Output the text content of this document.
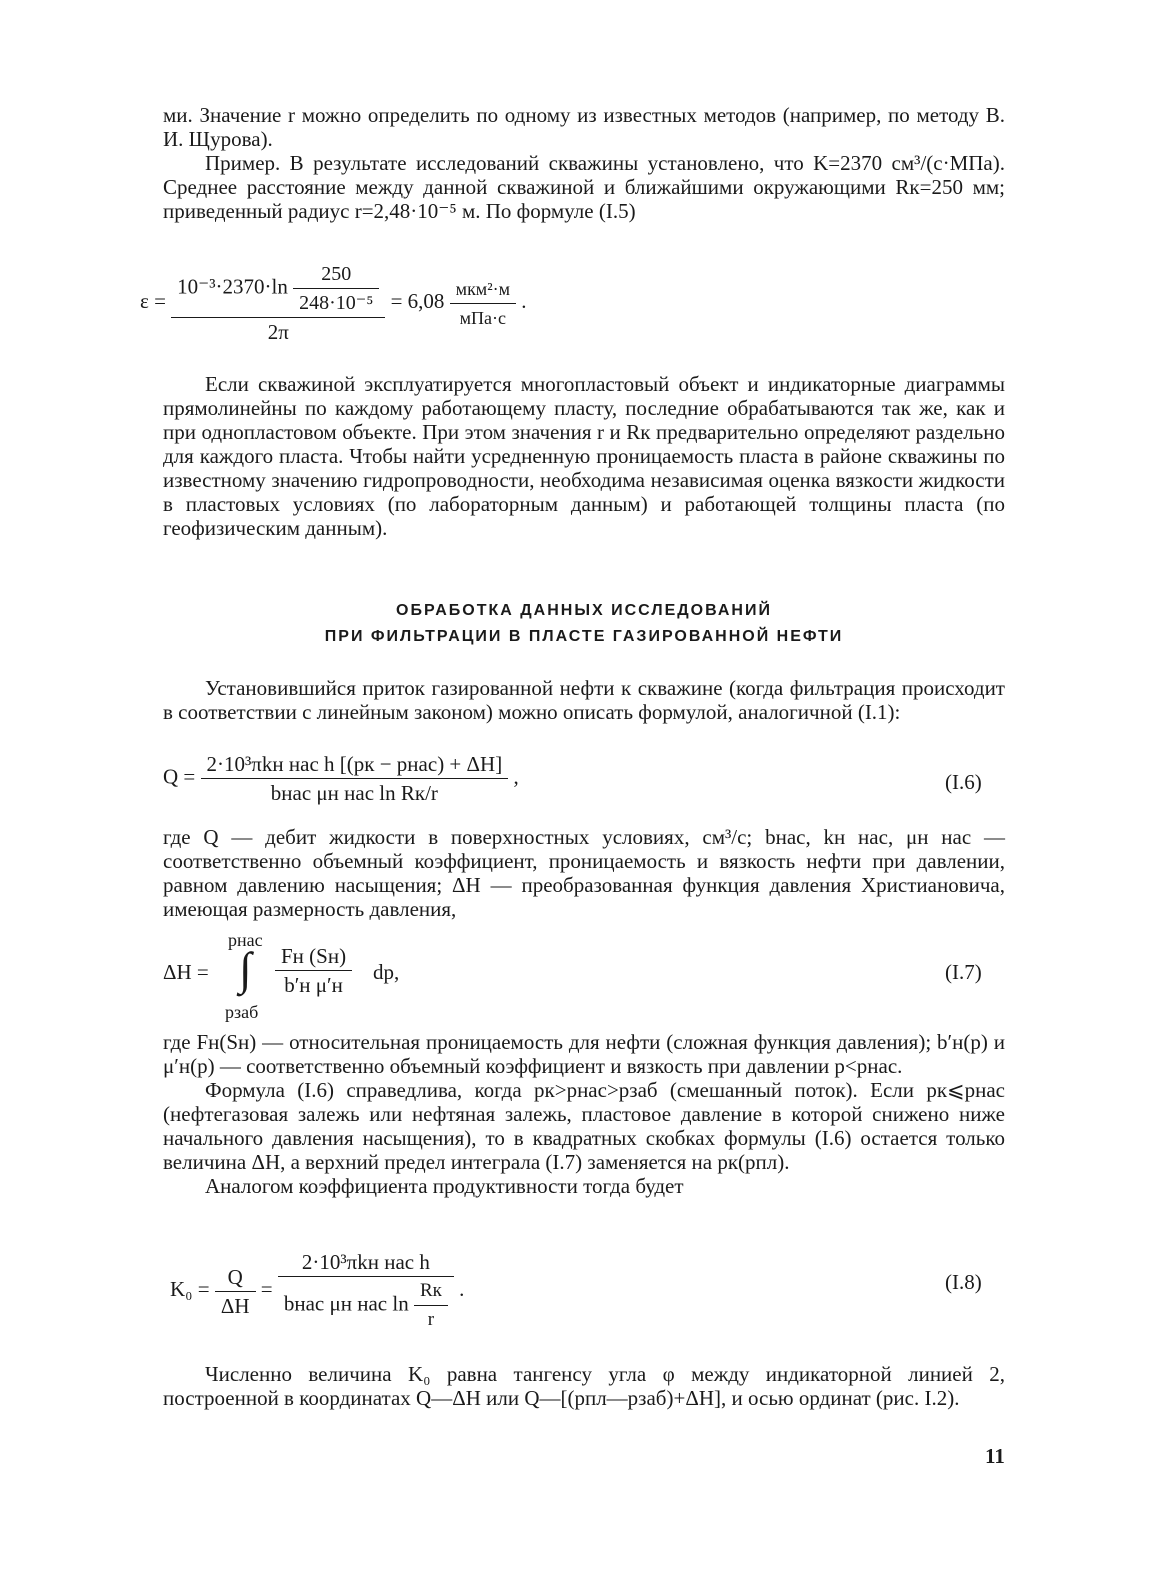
ми. Значение r можно определить по одному из известных методов (например, по методу В. И. Щурова).

Пример. В результате исследований скважины установлено, что K=2370 см³/(с·МПа). Среднее расстояние между данной скважиной и ближайшими окружающими Rк=250 мм; приведенный радиус r=2,48·10⁻⁵ м. По формуле (I.5)

$\varepsilon = \frac{10^{-3}\cdot 2370\cdot\ln \frac{250}{\text{248·10⁻⁵}}}{2\pi} = 6,08 \frac{\text{мкм²·м}}{\text{мПа·с}}$ .

Если скважиной эксплуатируется многопластовый объект и индикаторные диаграммы прямолинейны по каждому работающему пласту, последние обрабатываются так же, как и при однопластовом объекте. При этом значения r и Rк предварительно определяют раздельно для каждого пласта. Чтобы найти усредненную проницаемость пласта в районе скважины по известному значению гидропроводности, необходима независимая оценка вязкости жидкости в пластовых условиях (по лабораторным данным) и работающей толщины пласта (по геофизическим данным).

ОБРАБОТКА ДАННЫХ ИССЛЕДОВАНИЙ
ПРИ ФИЛЬТРАЦИИ В ПЛАСТЕ ГАЗИРОВАННОЙ НЕФТИ

Установившийся приток газированной нефти к скважине (когда фильтрация происходит в соответствии с линейным законом) можно описать формулой, аналогичной (I.1):

$Q = \frac{\text{2·10³πkн нас h [(pк − pнас) + ΔH]}}{\text{bнас μн нас ln Rк/r}}$ ,	(I.6)

где Q — дебит жидкости в поверхностных условиях, см³/с; bнас, kн нас, μн нас — соответственно объемный коэффициент, проницаемость и вязкость нефти при давлении, равном давлению насыщения; ΔH — преобразованная функция давления Христиановича, имеющая размерность давления,

ΔH =
pнас
∫
pзаб
Fн (Sн)
b′н μ′н
dp,	(I.7)

где Fн(Sн) — относительная проницаемость для нефти (сложная функция давления); b′н(p) и μ′н(p) — соответственно объемный коэффициент и вязкость при давлении p<pнас.

Формула (I.6) справедлива, когда pк>pнас>pзаб (смешанный поток). Если pк⩽pнас (нефтегазовая залежь или нефтяная залежь, пластовое давление в которой снижено ниже начального давления насыщения), то в квадратных скобках формулы (I.6) остается только величина ΔH, а верхний предел интеграла (I.7) заменяется на pк(pпл).

Аналогом коэффициента продуктивности тогда будет

$K_0 = \frac{Q}{\Delta H} = \frac{\text{2·10³πkн нас h}}{bнас \mu н нас \ln \frac{Rк}{r}}$ .	(I.8)

Численно величина K₀ равна тангенсу угла φ между индикаторной линией 2, построенной в координатах Q—ΔH или Q—[(pпл—pзаб)+ΔH], и осью ординат (рис. I.2).

11
